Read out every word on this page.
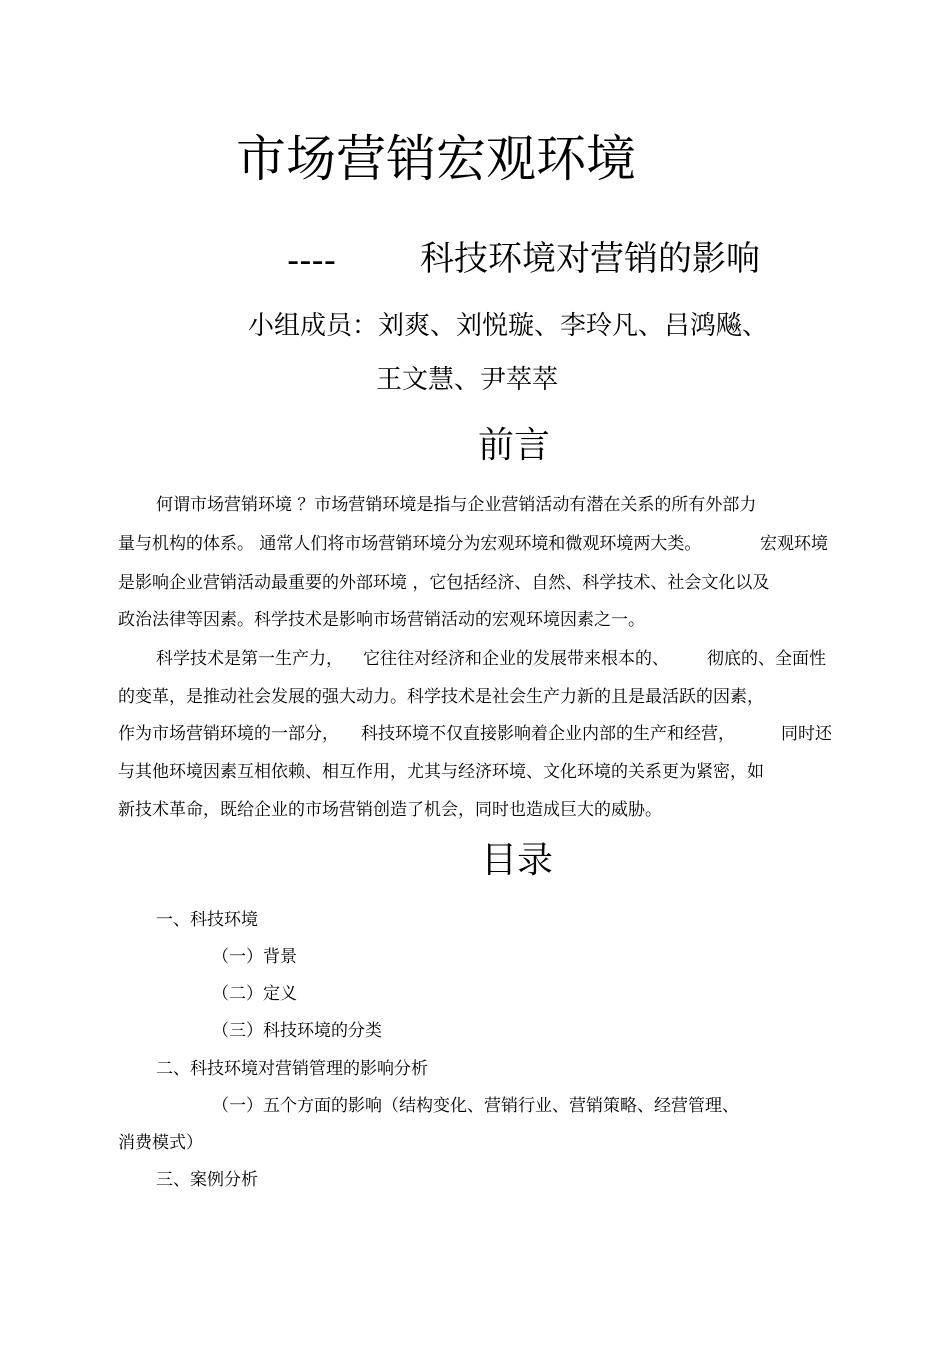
市场营销宏观环境
---- 科技环境对营销的影响
小组成员：刘爽、刘悦璇、李玲凡、吕鸿飚、
王文慧、尹萃萃
前言
何谓市场营销环境 ？市场营销环境是指与企业营销活动有潜在关系的所有外部力
量与机构的体系。 通常人们将市场营销环境分为宏观环境和微观环境两大类。	宏观环境
是影响企业营销活动最重要的外部环境 ，它包括经济、自然、科学技术、社会文化以及
政治法律等因素。科学技术是影响市场营销活动的宏观环境因素之一。
科学技术是第一生产力， 它往往对经济和企业的发展带来根本的、 彻底的、全面性
的变革，是推动社会发展的强大动力。科学技术是社会生产力新的且是最活跃的因素，
作为市场营销环境的一部分， 科技环境不仅直接影响着企业内部的生产和经营，	同时还
与其他环境因素互相依赖、相互作用，尤其与经济环境、文化环境的关系更为紧密，如
新技术革命，既给企业的市场营销创造了机会，同时也造成巨大的威胁。
目录
一、科技环境
（一）背景
（二）定义
（三）科技环境的分类
二、科技环境对营销管理的影响分析
（一）五个方面的影响（结构变化、营销行业、营销策略、经营管理、
消费模式）
三、案例分析
